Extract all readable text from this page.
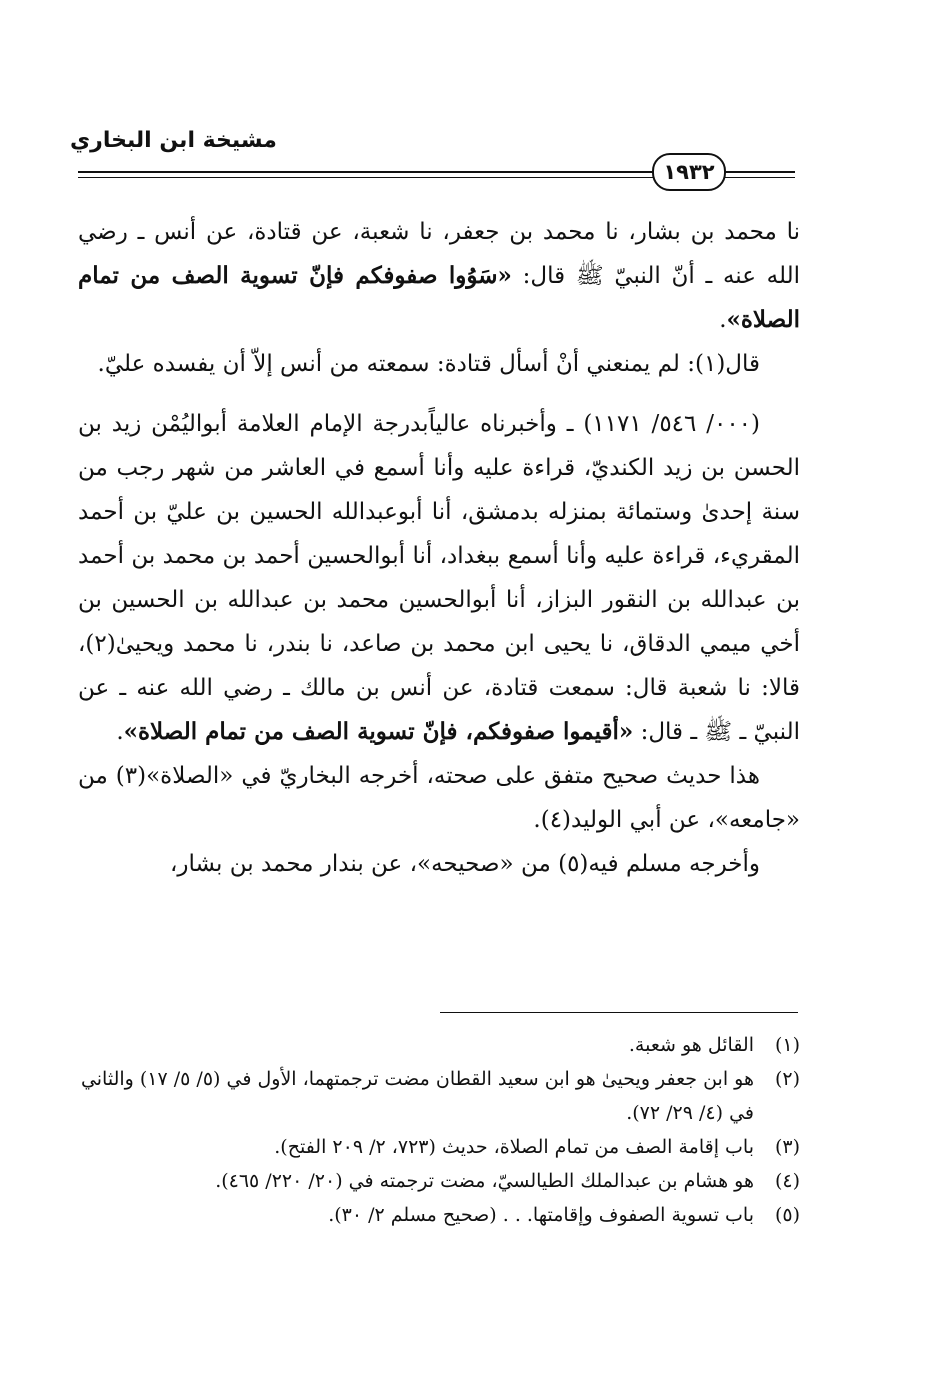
مشيخة ابن البخاري
١٩٣٢

نا محمد بن بشار، نا محمد بن جعفر، نا شعبة، عن قتادة، عن أنس ـ رضي الله عنه ـ أنّ النبيّ ﷺ قال: «سَوُوا صفوفكم فإنّ تسوية الصف من تمام الصلاة».

قال(١): لم يمنعني أنْ أسأل قتادة: سمعته من أنس إلاّ أن يفسده عليّ.

(٠٠٠/ ٥٤٦/ ١١٧١) ـ وأخبرناه عالياًبدرجة الإمام العلامة أبواليُمْن زيد بن الحسن بن زيد الكنديّ، قراءة عليه وأنا أسمع في العاشر من شهر رجب من سنة إحدىٰ وستمائة بمنزله بدمشق، أنا أبوعبدالله الحسين بن عليّ بن أحمد المقريء، قراءة عليه وأنا أسمع ببغداد، أنا أبوالحسين أحمد بن محمد بن أحمد بن عبدالله بن النقور البزاز، أنا أبوالحسين محمد بن عبدالله بن الحسين بن أخي ميمي الدقاق، نا يحيى ابن محمد بن صاعد، نا بندر، نا محمد ويحيىٰ(٢)، قالا: نا شعبة قال: سمعت قتادة، عن أنس بن مالك ـ رضي الله عنه ـ عن النبيّ ـ ﷺ ـ قال: «أقيموا صفوفكم، فإنّ تسوية الصف من تمام الصلاة».

هذا حديث صحيح متفق على صحته، أخرجه البخاريّ في «الصلاة»(٣) من «جامعه»، عن أبي الوليد(٤).

وأخرجه مسلم فيه(٥) من «صحيحه»، عن بندار محمد بن بشار،

(١)
القائل هو شعبة.

(٢)
هو ابن جعفر ويحيىٰ هو ابن سعيد القطان مضت ترجمتهما، الأول في (٥/ ٥/ ١٧) والثاني في (٤/ ٢٩/ ٧٢).

(٣)
باب إقامة الصف من تمام الصلاة، حديث (٧٢٣، ٢/ ٢٠٩ الفتح).

(٤)
هو هشام بن عبدالملك الطيالسيّ، مضت ترجمته في (٢٠/ ٢٢٠/ ٤٦٥).

(٥)
باب تسوية الصفوف وإقامتها. . . (صحيح مسلم ٢/ ٣٠).
